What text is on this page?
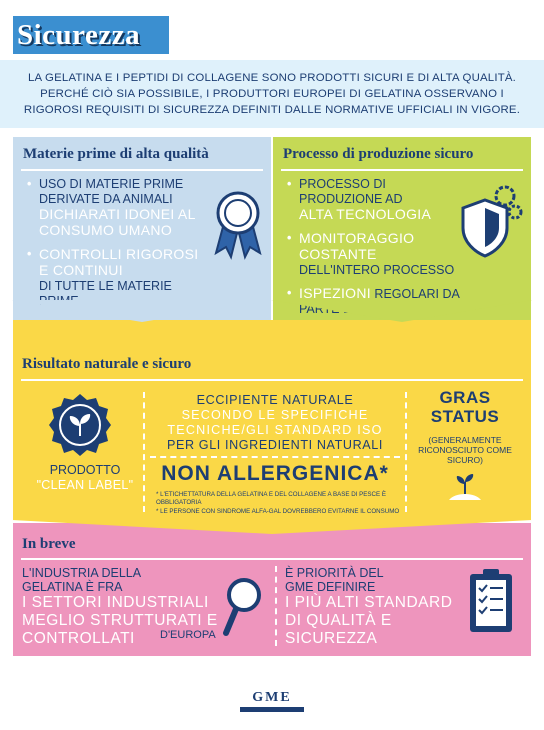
Sicurezza
LA GELATINA E I PEPTIDI DI COLLAGENE SONO PRODOTTI SICURI E DI ALTA QUALITÀ. PERCHÉ CIÒ SIA POSSIBILE, I PRODUTTORI EUROPEI DI GELATINA OSSERVANO I RIGOROSI REQUISITI DI SICUREZZA DEFINITI DALLE NORMATIVE UFFICIALI IN VIGORE.
Materie prime di alta qualità
• USO DI MATERIE PRIME DERIVATE DA ANIMALI
DICHIARATI IDONEI AL CONSUMO UMANO
• CONTROLLI RIGOROSI E CONTINUI
DI TUTTE LE MATERIE PRIME
Processo di produzione sicuro
• PROCESSO DI PRODUZIONE AD
ALTA TECNOLOGIA
• MONITORAGGIO COSTANTE
DELL'INTERO PROCESSO
• ISPEZIONI REGOLARI DA PARTE DELLE AUTORITÀ
Risultato naturale e sicuro
PRODOTTO
"CLEAN LABEL"
ECCIPIENTE NATURALE
SECONDO LE SPECIFICHE TECNICHE/GLI STANDARD ISO
PER GLI INGREDIENTI NATURALI
NON ALLERGENICA*
* L'ETICHETTATURA DELLA GELATINA E DEL COLLAGENE A BASE DI PESCE È OBBLIGATORIA
* LE PERSONE CON SINDROME ALFA-GAL DOVREBBERO EVITARNE IL CONSUMO
GRAS STATUS
(GENERALMENTE RICONOSCIUTO COME SICURO)
In breve
L'INDUSTRIA DELLA GELATINA È FRA
I SETTORI INDUSTRIALI MEGLIO STRUTTURATI E CONTROLLATI	D'EUROPA
È PRIORITÀ DEL GME DEFINIRE
I PIÙ ALTI STANDARD DI QUALITÀ E SICUREZZA
GME
